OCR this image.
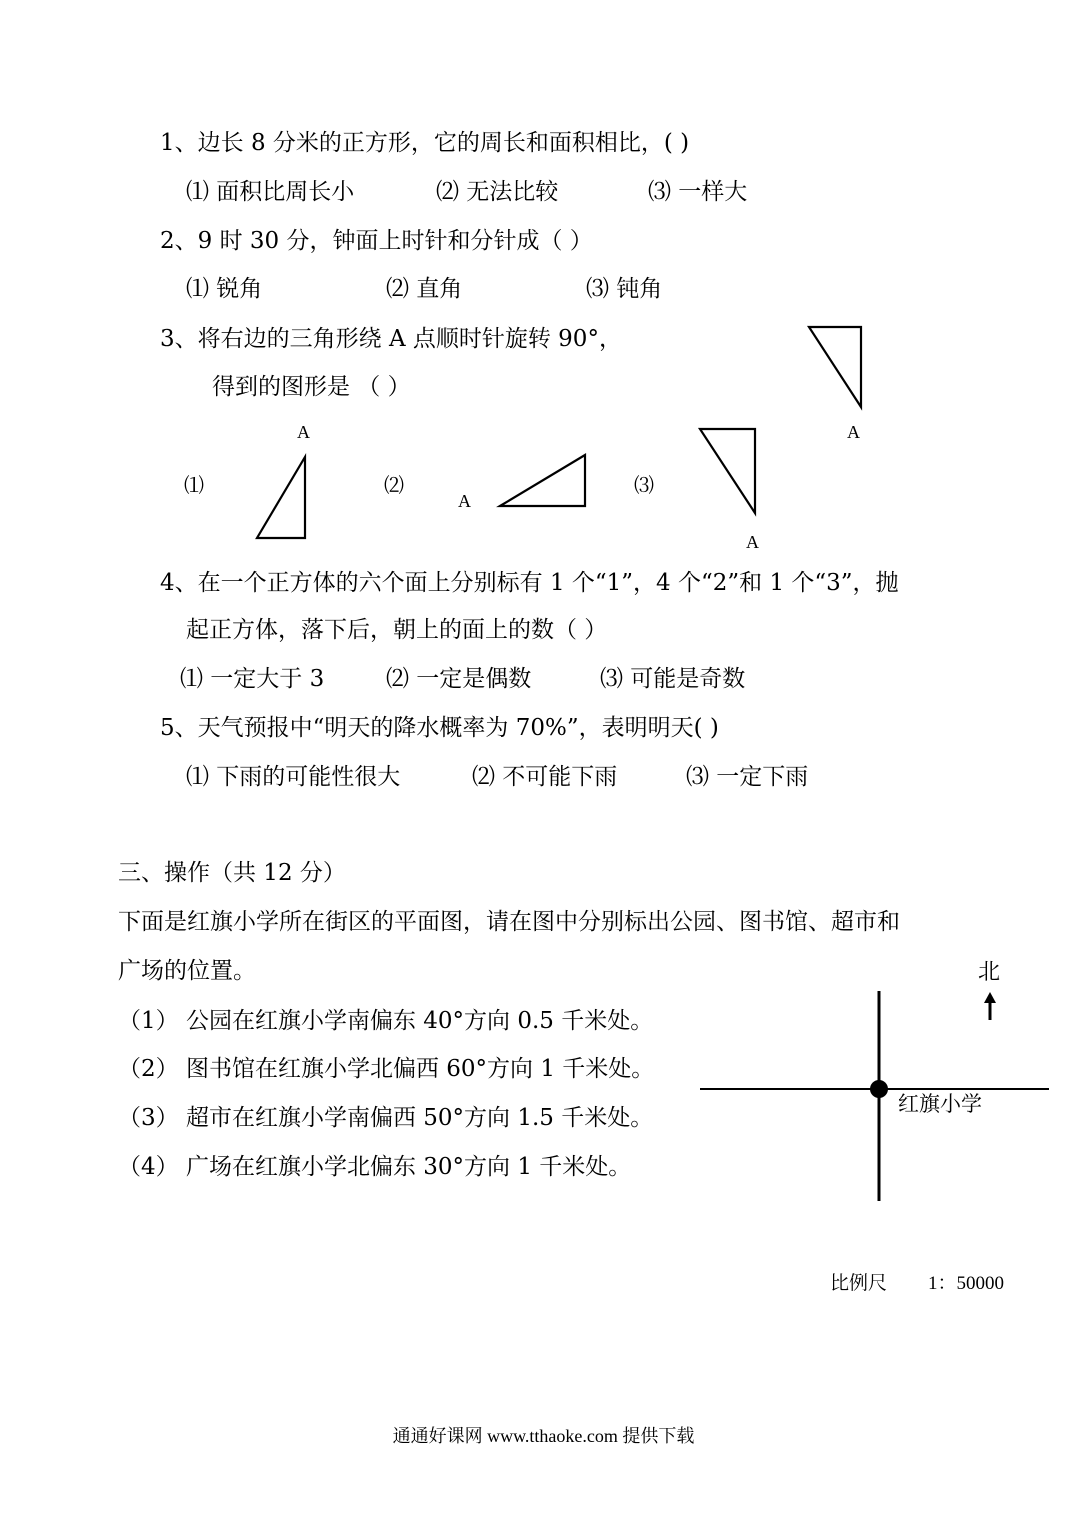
1、边长 8 分米的正方形，它的周长和面积相比，( )
⑴ 面积比周长小	⑵ 无法比较	⑶ 一样大
2、9 时 30 分，钟面上时针和分针成（ ）
⑴ 锐角	⑵ 直角	⑶ 钝角
3、将右边的三角形绕 A 点顺时针旋转 90°，
得到的图形是 （ ）
A
A
A
A
⑴	⑵	⑶
4、在一个正方体的六个面上分别标有 1 个“1”，4 个“2”和 1 个“3”，抛
起正方体，落下后，朝上的面上的数（ ）
⑴ 一定大于 3	⑵ 一定是偶数	⑶ 可能是奇数
5、天气预报中“明天的降水概率为 70%”，表明明天( )
⑴ 下雨的可能性很大	⑵ 不可能下雨	⑶ 一定下雨
三、操作（共 12 分）
下面是红旗小学所在街区的平面图，请在图中分别标出公园、图书馆、超市和
广场的位置。
（1） 公园在红旗小学南偏东 40°方向 0.5 千米处。
（2） 图书馆在红旗小学北偏西 60°方向 1 千米处。
（3） 超市在红旗小学南偏西 50°方向 1.5 千米处。
（4） 广场在红旗小学北偏东 30°方向 1 千米处。
北
红旗小学
比例尺 1：50000
通通好课网 www.tthaoke.com 提供下载
